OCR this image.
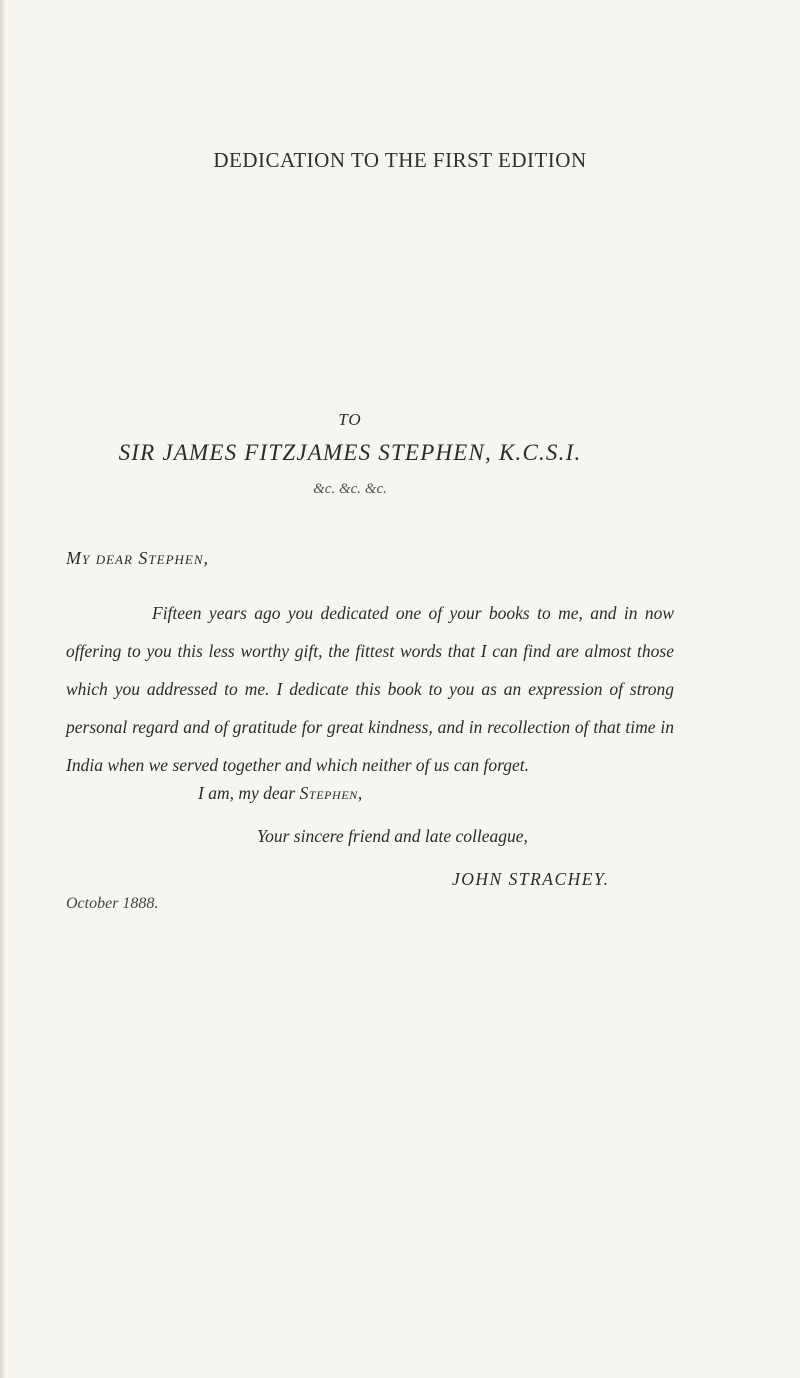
DEDICATION TO THE FIRST EDITION
TO
SIR JAMES FITZJAMES STEPHEN, K.C.S.I.
&c. &c. &c.
My dear Stephen,
Fifteen years ago you dedicated one of your books to me, and in now offering to you this less worthy gift, the fittest words that I can find are almost those which you addressed to me. I dedicate this book to you as an expression of strong personal regard and of gratitude for great kindness, and in recollection of that time in India when we served together and which neither of us can forget.
I am, my dear Stephen,
Your sincere friend and late colleague,
JOHN STRACHEY.
October 1888.
